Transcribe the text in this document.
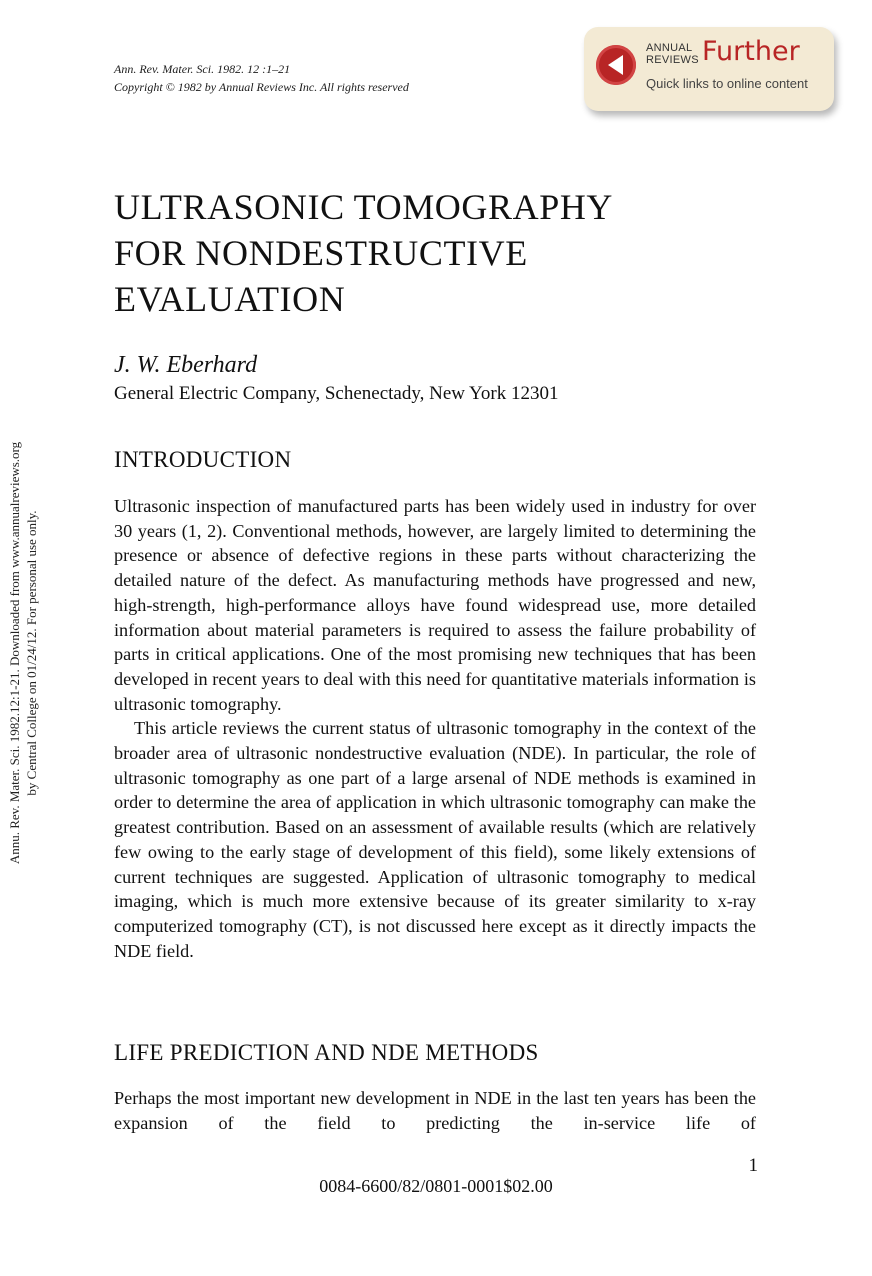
Ann. Rev. Mater. Sci. 1982. 12 :1–21
Copyright © 1982 by Annual Reviews Inc. All rights reserved
ANNUAL
REVIEWS Further
Quick links to online content
Annu. Rev. Mater. Sci. 1982.12:1-21. Downloaded from www.annualreviews.org by Central College on 01/24/12. For personal use only.
ULTRASONIC TOMOGRAPHY
FOR NONDESTRUCTIVE
EVALUATION
J. W. Eberhard
General Electric Company, Schenectady, New York 12301
INTRODUCTION

Ultrasonic inspection of manufactured parts has been widely used in industry for over 30 years (1, 2). Conventional methods, however, are largely limited to determining the presence or absence of defective regions in these parts without characterizing the detailed nature of the defect. As manufacturing methods have progressed and new, high-strength, high-performance alloys have found widespread use, more detailed information about material parameters is required to assess the failure probability of parts in critical applications. One of the most promising new techniques that has been developed in recent years to deal with this need for quantitative materials information is ultrasonic tomography.

This article reviews the current status of ultrasonic tomography in the context of the broader area of ultrasonic nondestructive evaluation (NDE). In particular, the role of ultrasonic tomography as one part of a large arsenal of NDE methods is examined in order to determine the area of application in which ultrasonic tomography can make the greatest contribution. Based on an assessment of available results (which are relatively few owing to the early stage of development of this field), some likely extensions of current techniques are suggested. Application of ultrasonic tomography to medical imaging, which is much more extensive because of its greater similarity to x-ray computerized tomography (CT), is not discussed here except as it directly impacts the NDE field.

LIFE PREDICTION AND NDE METHODS

Perhaps the most important new development in NDE in the last ten years has been the expansion of the field to predicting the in-service life of

1
0084-6600/82/0801-0001$02.00
